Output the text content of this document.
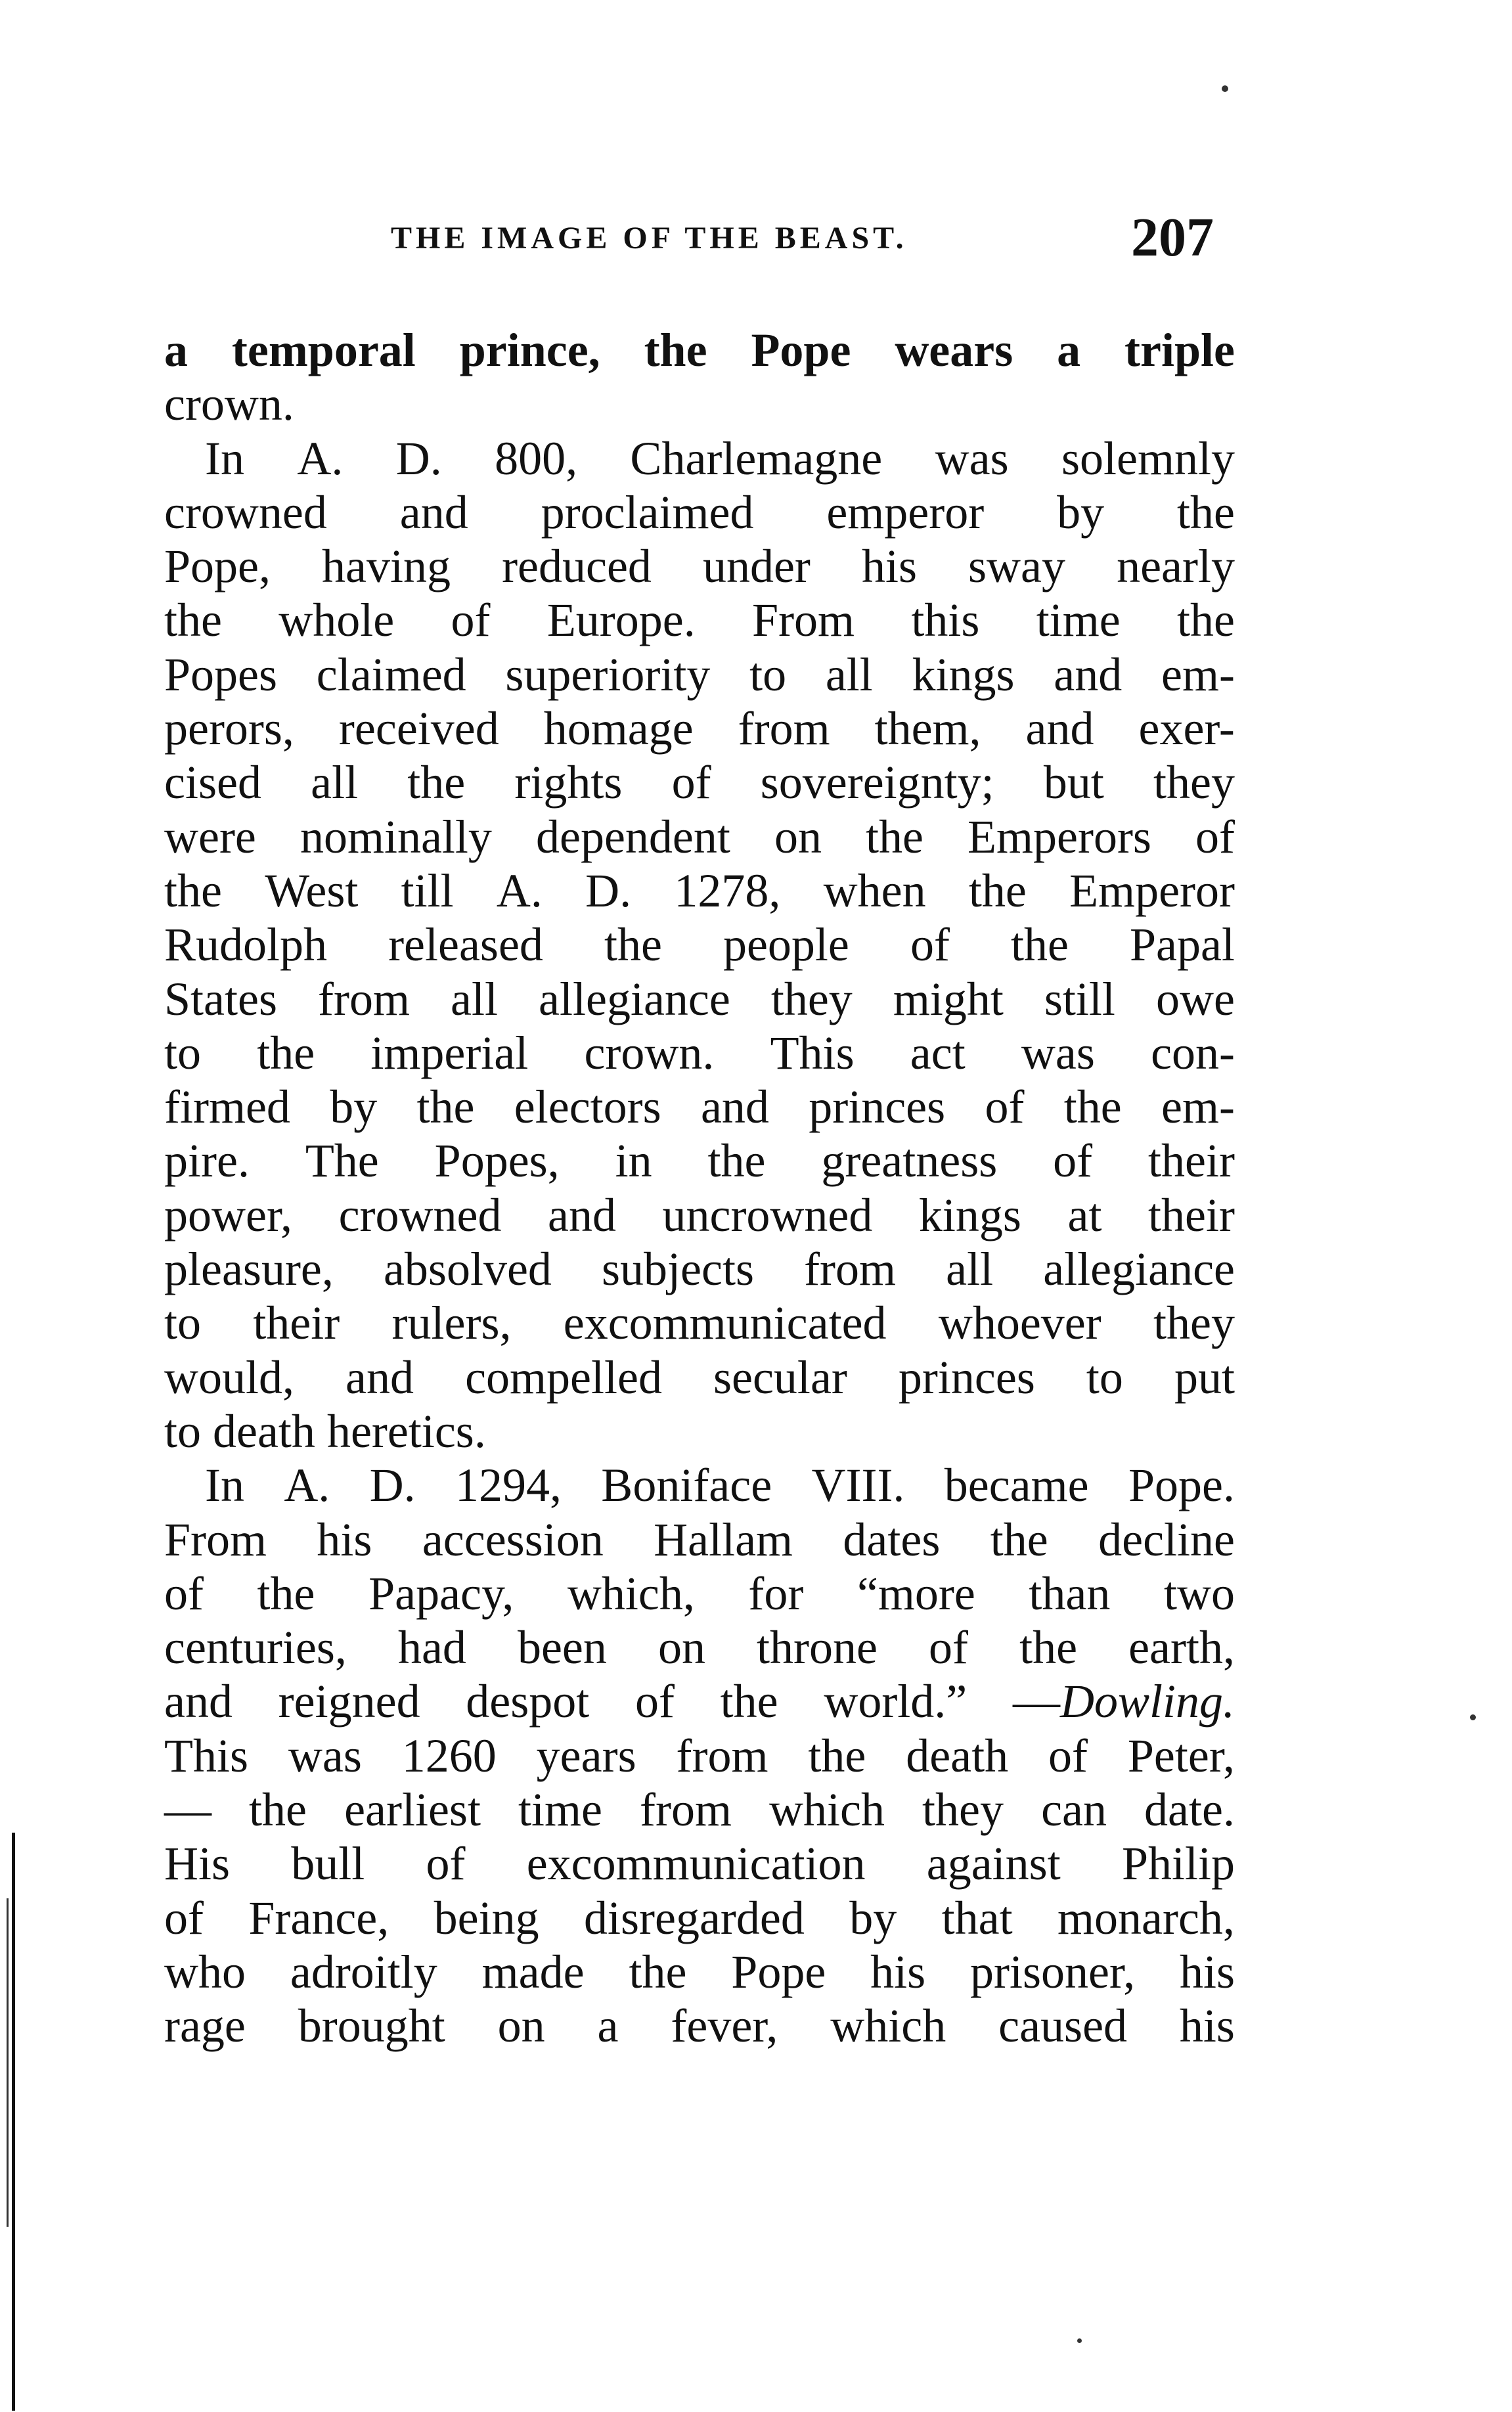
THE IMAGE OF THE BEAST.	207
a temporal prince, the Pope wears a triple
crown.
In A. D. 800, Charlemagne was solemnly
crowned and proclaimed emperor by the
Pope, having reduced under his sway nearly
the whole of Europe. From this time the
Popes claimed superiority to all kings and em-
perors, received homage from them, and exer-
cised all the rights of sovereignty; but they
were nominally dependent on the Emperors of
the West till A. D. 1278, when the Emperor
Rudolph released the people of the Papal
States from all allegiance they might still owe
to the imperial crown. This act was con-
firmed by the electors and princes of the em-
pire. The Popes, in the greatness of their
power, crowned and uncrowned kings at their
pleasure, absolved subjects from all allegiance
to their rulers, excommunicated whoever they
would, and compelled secular princes to put
to death heretics.
In A. D. 1294, Boniface VIII. became Pope.
From his accession Hallam dates the decline
of the Papacy, which, for “more than two
centuries, had been on throne of the earth,
and reigned despot of the world.” —Dowling.
This was 1260 years from the death of Peter,
— the earliest time from which they can date.
His bull of excommunication against Philip
of France, being disregarded by that monarch,
who adroitly made the Pope his prisoner, his
rage brought on a fever, which caused his
